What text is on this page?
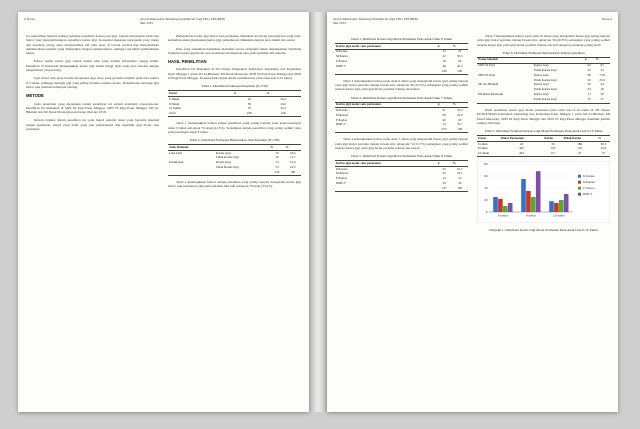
Z Tiona	Jurnal Ilmiah dan Teknologi Kedokteran Gigi FKG UPDM(B)
Mei 2019

ira, kebersihan bejenni penting terhadap terjadinya karies pada gigi. Jajanan merupakan salah satu faktor yang menyumbangkan terjadinya karies gigi. Konsumsi makanan kariogenik yang cukup dan berulang sering akan menyebabkan pH plak tetap di bawah normal dan menyebabkan demineralisasi enamel yang dilanjutkan dengan remineralisasi, sehingga terjadilah pembentukan karies.

Faktor utama karies gigi adalah dental plak yang terlihat kebersihan rongga mulut. Penelitian di Indonesia menunjukkan karies gigi masih tinggi pada anak usia sekolah dengan pengetahuan yang kurang.

Gigi molar satu tetap berada merupakan gigi tetap yang pertama tumbuh pada usia sekitar 6-7 tahun, sehingga menjadi gigi yang paling berisiko terkena karies. Pemeriksaan terhadap gigi molar satu permanen menjadi penting.

METODE

Jenis penelitian yang digunakan dalam penelitian ini adalah deskriptif observasional. Penelitian ini dilakukan di SDN 04 Pagi Pasar Minggu, SDN 05 Pagi Pasar Minggu, SD Al-Hikmah dan SD Darul Marzuqin pada bulan Oktober 2018.

Kriteria inklusi dalam penelitian ini yaitu murid sekolah dasar yang bersedia menjadi subjek penelitian, murid yang hadir pada saat pemeriksaan dan memiliki gigi molar satu permanen.

Pemeriksaan karies gigi molar satu permanen dilakukan di bawah pencahayaan yang baik, kemudian untuk mendeteksi karies gigi pemeriksaan dilakukan dengan kaca mulut dan sonde.

Data yang terkumpul kemudian dianalisis secara deskriptif untuk mendapatkan distribusi frekuensi karies gigi molar satu permanen berdasarkan usia, jenis kelamin dan sekolah.

HASIL PENELITIAN

Penelitian ini dilakukan di SD binaan Puskesmas Kelurahan Jatipadang dan Kelurahan Pasar Minggu 1 yaitu SD Al-Hikmah, MI Darul Marzuqin, SDN 05 Pagi Pasar Minggu dan SDN 05 Pagi Pasar Minggu. Karakteristik subjek dalam penelitian ini yaitu anak usia 6-10 tahun.

Tabel 1. Distribusi Frekuensi Penelitian (N=236)
Umur	n	%
6 Tahun	62	26.2
8 Tahun	58	24.6
10 Tahun	76	32.2
Total	236	100

Tabel 1 menunjukkan bahwa subjek penelitian yang paling banyak yaitu pada kelompok umur 9 tahun sebanyak 76 anak (41.3%). Sedangkan subjek penelitian yang paling sedikit yaitu pada kelompok umur 8 tahun.

Tabel 2. Distribusi Frekuensi Berdasarkan Jenis Kelamin (N=236)
Jenis Kelamin		N	%
Laki-Laki	Karies Gigi	79	33.4
	Tidak Karies Gigi	30	12.7
Perempuan	Karies Gigi	74	31.4
	Tidak Karies Gigi	53	22.5
		236	100

Tabel 2 menunjukkan bahwa subjek penelitian yang paling banyak mengalami karies gigi molar satu permanen yaitu jenis kelamin laki-laki sebanyak 79 anak (33.4%).

Jurnal Ilmiah dan Teknologi Kedokteran Gigi FKG UPDM(B)
Mei 2019
Tiona 9
Tabel 3. Distribusi Karies Gigi Molar Permanen Pada Anak Umur 6 Tahun
Karies gigi molar satu permanen	n	%
D/Karies	15	22
M/Karies	22	35.5
F/Karies	18	29
DMF-T	49	45.5
	100	100

Tabel 3 menunjukkan bahwa pada anak 6 tahun yang mengalami karies gigi paling banyak yaitu gigi molar pertama rahang bawah kiri, sebanyak 46 (42.5%) sedangkan yang paling sedikit terkena karies gigi yaitu gigi molar pertama rahang atas kanan.

Tabel 4. Distribusi Karies Gigi Molar Permanen Pada Anak Umur 7 Tahun
Karies gigi molar satu permanen	n	%
D/Karies	91	33.2
M/Karies	68	24.8
F/Karies	40	29
DMF-T	74	31.7
	273	100

Tabel 4 menunjukkan bahwa pada anak 7 tahun yang mengalami karies gigi paling banyak yaitu gigi molar pertama rahang bawah kiri, sebanyak 74 (31.7%) sedangkan yang paling sedikit terkena karies gigi yaitu gigi molar pertama rahang atas kanan.

Tabel 5. Distribusi Karies Gigi Molar Permanen Pada Anak Umur 8 Tahun
Karies gigi molar satu permanen	n	%
D/Karies	23	16.7
M/Karies	45	35.1
F/Karies	15	16
DMF-T	59	30
	137	100

Tabel 5 menunjukkan bahwa pada anak 10 tahun yang mengalami karies gigi paling banyak yaitu gigi molar pertama rahang bawah kiri, sebanyak 36 (40.8%) sedangkan yang paling sedikit terkena karies gigi yaitu gigi molar pertama rahang atas kiri dengan persentase paling kecil.

Tabel 6. Distribusi Frekuensi Berdasarkan Tempat penelitian
Nama Sekolah		n	%
SDN 04 Pagi	Karies Gigi	62	67
	Tidak Karies Gigi	22	32
SDN 05 Pagi	Karies Gigi	68	73.0
	Tidak Karies Gigi	26	25.6
SD AL-Hikmah	Karies Gigi	36	64
	Tidak Karies Gigi	23	36
MI Darul Marzuqin	Karies Gigi	17	30
	Tidak Karies Gigi	37	57

Hasil penelitian karies gigi molar permanen pada anak usia 6-10 tahun di SD binaan PUSKESMAS Kelurahan Jatipadang dan Kelurahan Pasar Minggu 1 yaitu SD Al-Hikmah, MI Darul Marzuqin, SDN 04 Pagi Pasar Minggu dan SDN 05 Pagi Pasar Minggu memiliki jumlah sampel 236 anak.

Tabel 7. Distribusi Frekuensi Karies Gigi Molar Permanen Pada Anak Usia 6-10 Tahun
Umur	Molar Permanen	Karies	Tidak Karies	%
6 tahun	43	36	186	30.5
8 tahun	362	123	123	35.0
10 tahun	264	117	47	37
0
20
40
60
80
6 tahun	8 tahun	10 tahun
D-Karies
M-Karies
F-Karies
DMF-T
Diagram 1. Distribusi Karies Gigi Molar Permanen Pada Anak Usia 6-10 Tahun
